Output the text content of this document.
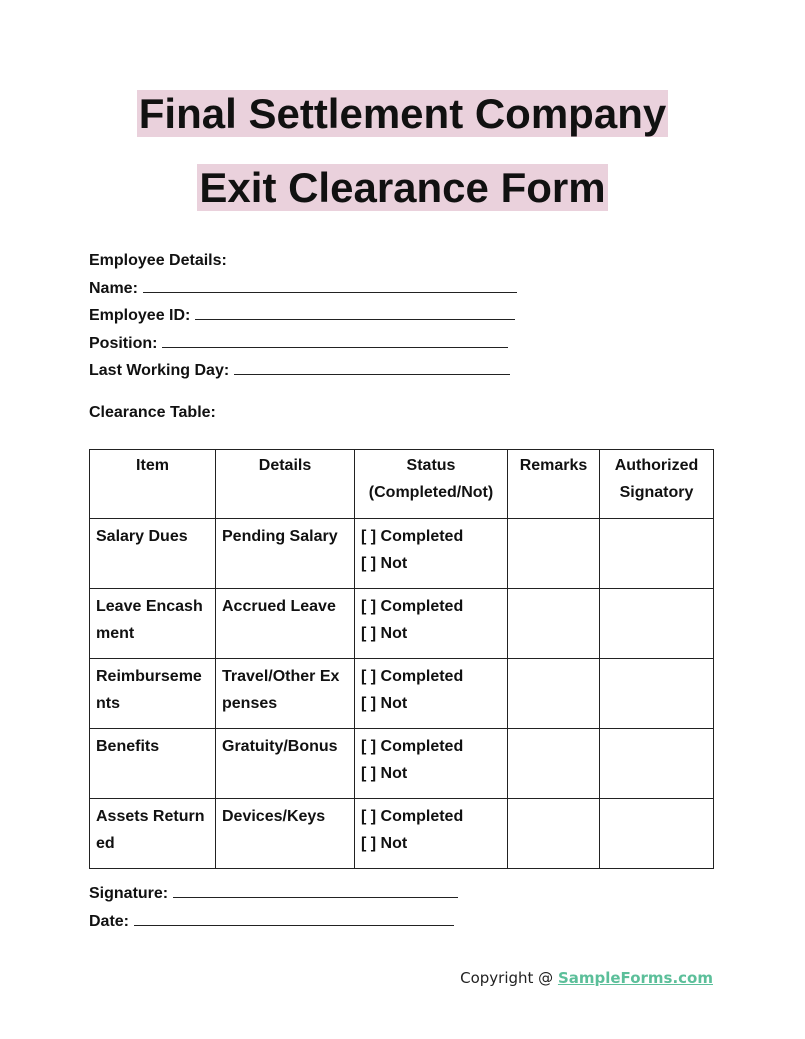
Final Settlement Company
Exit Clearance Form
Employee Details:
Name:
Employee ID:
Position:
Last Working Day:
Clearance Table:
Item	Details	Status (Completed/Not)	Remarks	Authorized Signatory
Salary Dues	Pending Salary	[ ] Completed
[ ] Not		

Leave Encashment	Accrued Leave	[ ] Completed
[ ] Not		

Reimbursements	Travel/Other Expenses	[ ] Completed
[ ] Not		

Benefits	Gratuity/Bonus	[ ] Completed
[ ] Not		

Assets Returned	Devices/Keys	[ ] Completed
[ ] Not		

Signature:
Date:
Copyright @ SampleForms.com
